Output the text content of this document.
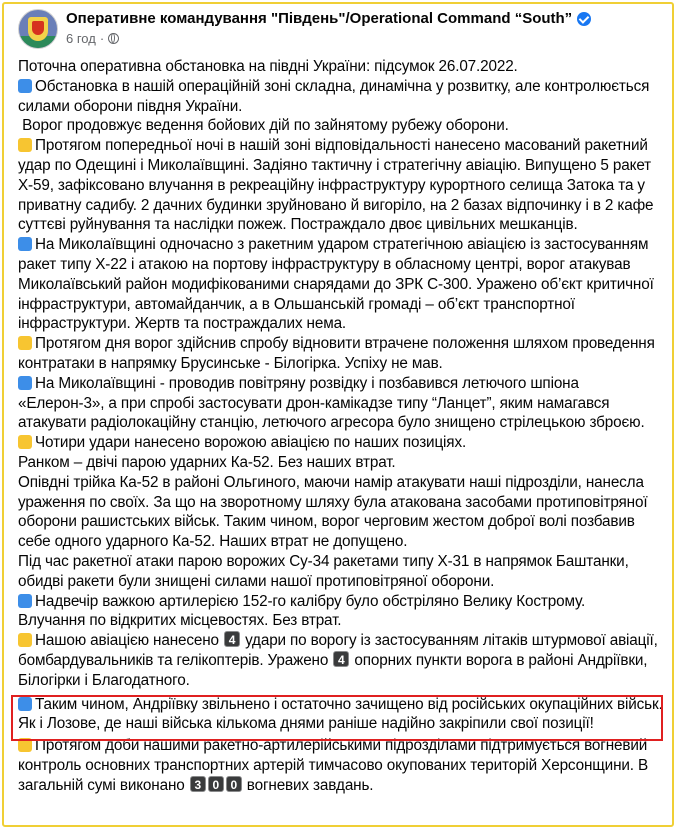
Оперативне командування "Південь"/Operational Command “South”
6 год ·

Поточна оперативна обстановка на півдні України: підсумок 26.07.2022.

Обстановка в нашій операційній зоні складна, динамічна у розвитку, але контролюється силами оборони півдня України.

Ворог продовжує ведення бойових дій по зайнятому рубежу оборони.

Протягом попередньої ночі в нашій зоні відповідальності нанесено масований ракетний удар по Одещині і Миколаївщині. Задіяно тактичну і стратегічну авіацію. Випущено 5 ракет Х-59, зафіксовано влучання в рекреаційну інфраструктуру курортного селища Затока та у приватну садибу. 2 дачних будинки зруйновано й вигоріло, на 2 базах відпочинку і в 2 кафе суттєві руйнування та наслідки пожеж. Постраждало двоє цивільних мешканців.

На Миколаївщині одночасно з ракетним ударом стратегічною авіацією із застосуванням ракет типу Х-22 і атакою на портову інфраструктуру в обласному центрі, ворог атакував Миколаївський район модифікованими снарядами до ЗРК С-300. Уражено об’єкт критичної інфраструктури, автомайданчик, а в Ольшанській громаді – об’єкт транспортної інфраструктури. Жертв та постраждалих нема.

Протягом дня ворог здійснив спробу відновити втрачене положення шляхом проведення контратаки в напрямку Брусинське - Білогірка. Успіху не мав.

На Миколаївщині - проводив повітряну розвідку і позбавився летючого шпіона «Елерон-3», а при спробі застосувати дрон-камікадзе типу “Ланцет”, яким намагався атакувати радіолокаційну станцію, летючого агресора було знищено стрілецькою зброєю.

Чотири удари нанесено ворожою авіацією по наших позиціях.

Ранком – двічі парою ударних Ка-52. Без наших втрат.

Опівдні трійка Ка-52 в районі Ольгиного, маючи намір атакувати наші підрозділи, нанесла ураження по своїх. За що на зворотному шляху була атакована засобами протиповітряної оборони рашистських військ. Таким чином, ворог черговим жестом доброї волі позбавив себе одного ударного Ка-52. Наших втрат не допущено.

Під час ракетної атаки парою ворожих Су-34 ракетами типу Х-31 в напрямок Баштанки, обидві ракети були знищені силами нашої протиповітряної оборони.

Надвечір важкою артилерією 152-го калібру було обстріляно Велику Кострому.

Влучання по відкритих місцевостях. Без втрат.

Нашою авіацією нанесено 4 удари по ворогу із застосуванням літаків штурмової авіації, бомбардувальників та гелікоптерів. Уражено 4 опорних пункти ворога в районі Андріївки, Білогірки і Благодатного.

Таким чином, Андріївку звільнено і остаточно зачищено від російських окупаційних військ. Як і Лозове, де наші війська кількома днями раніше надійно закріпили свої позиції!

Протягом доби нашими ракетно-артилерійськими підрозділами підтримується вогневий контроль основних транспортних артерій тимчасово окупованих територій Херсонщини. В загальній сумі виконано 3 0 0 вогневих завдань.
